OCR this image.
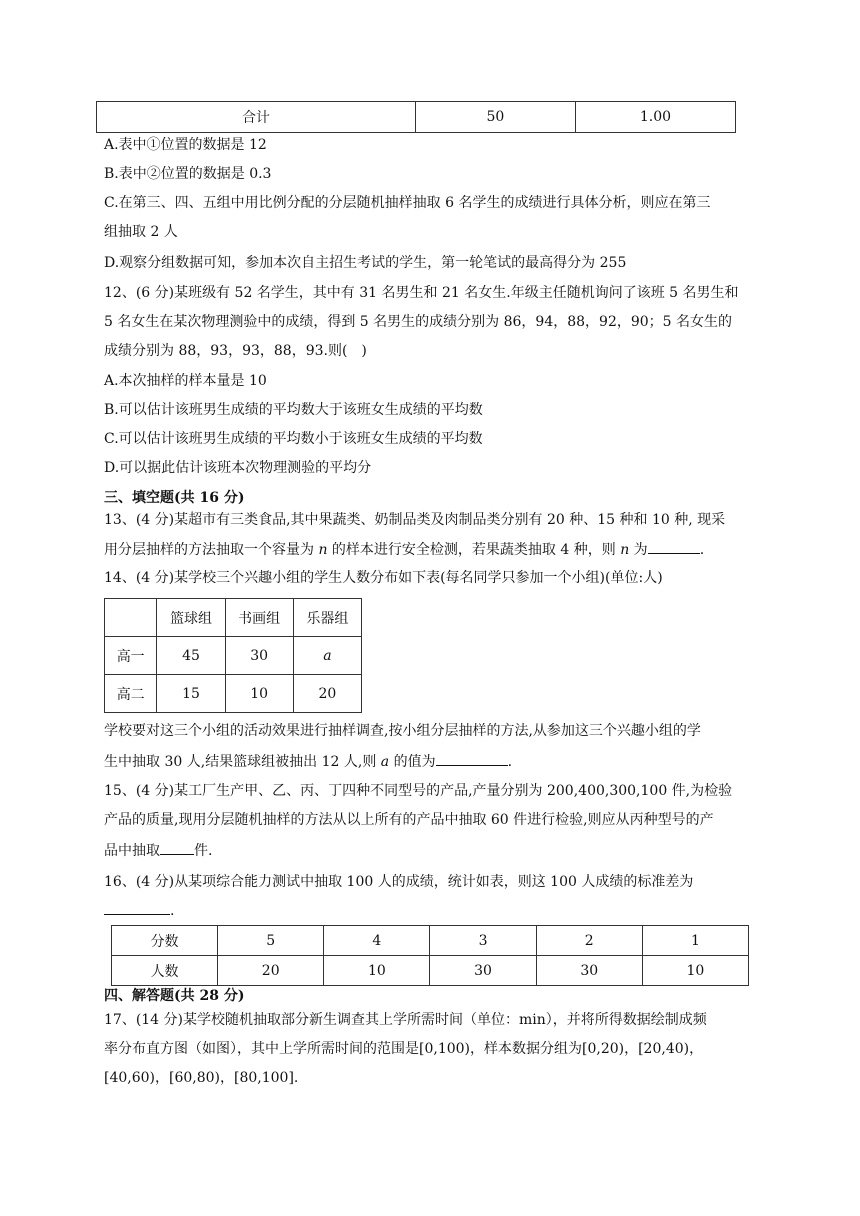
合计	50	1.00
A.表中①位置的数据是 12
B.表中②位置的数据是 0.3
C.在第三、四、五组中用比例分配的分层随机抽样抽取 6 名学生的成绩进行具体分析，则应在第三
组抽取 2 人
D.观察分组数据可知，参加本次自主招生考试的学生，第一轮笔试的最高得分为 255
12、(6 分)某班级有 52 名学生，其中有 31 名男生和 21 名女生.年级主任随机询问了该班 5 名男生和
5 名女生在某次物理测验中的成绩，得到 5 名男生的成绩分别为 86，94，88，92，90；5 名女生的
成绩分别为 88，93，93，88，93.则(　)
A.本次抽样的样本量是 10
B.可以估计该班男生成绩的平均数大于该班女生成绩的平均数
C.可以估计该班男生成绩的平均数小于该班女生成绩的平均数
D.可以据此估计该班本次物理测验的平均分
三、填空题(共 16 分)
13、(4 分)某超市有三类食品,其中果蔬类、奶制品类及肉制品类分别有 20 种、15 种和 10 种, 现采
用分层抽样的方法抽取一个容量为 n 的样本进行安全检测，若果蔬类抽取 4 种，则 n 为	.
14、(4 分)某学校三个兴趣小组的学生人数分布如下表(每名同学只参加一个小组)(单位:人)
	篮球组	书画组	乐器组
高一	45	30	a
高二	15	10	20
学校要对这三个小组的活动效果进行抽样调查,按小组分层抽样的方法,从参加这三个兴趣小组的学
生中抽取 30 人,结果篮球组被抽出 12 人,则 a 的值为	.
15、(4 分)某工厂生产甲、乙、丙、丁四种不同型号的产品,产量分别为 200,400,300,100 件,为检验
产品的质量,现用分层随机抽样的方法从以上所有的产品中抽取 60 件进行检验,则应从丙种型号的产
品中抽取 件.
16、(4 分)从某项综合能力测试中抽取 100 人的成绩，统计如表，则这 100 人成绩的标准差为
.
分数	5	4	3	2	1
人数	20	10	30	30	10
四、解答题(共 28 分)
17、(14 分)某学校随机抽取部分新生调查其上学所需时间（单位：min），并将所得数据绘制成频
率分布直方图（如图），其中上学所需时间的范围是[0,100)，样本数据分组为[0,20)，[20,40)，
[40,60)，[60,80)，[80,100].
